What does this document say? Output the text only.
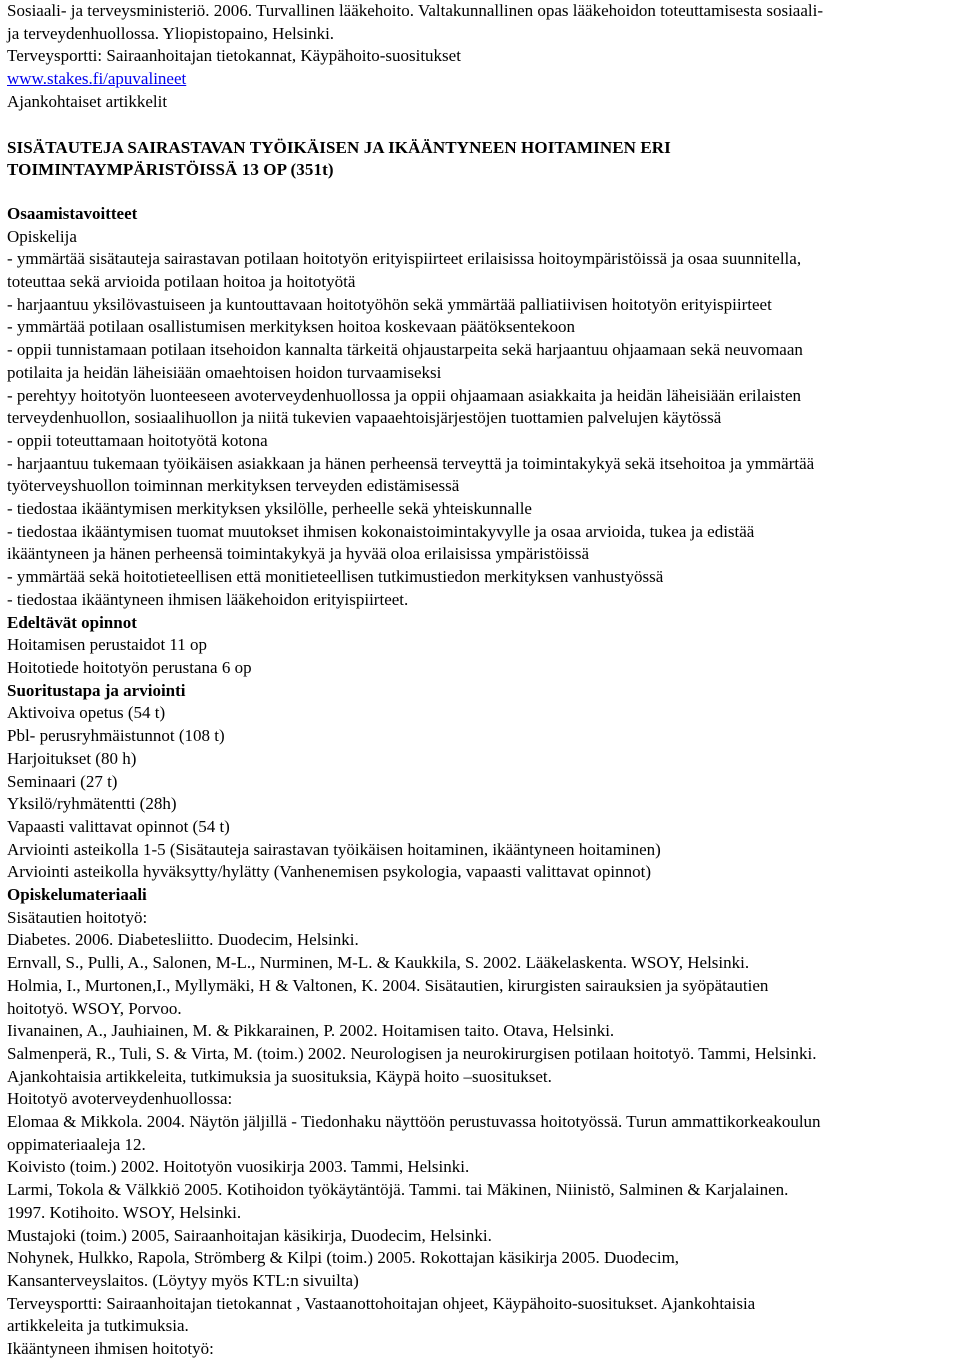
Sosiaali- ja terveysministeriö. 2006. Turvallinen lääkehoito. Valtakunnallinen opas lääkehoidon toteuttamisesta sosiaali-
ja terveydenhuollossa. Yliopistopaino, Helsinki.
Terveysportti: Sairaanhoitajan tietokannat, Käypähoito-suositukset
www.stakes.fi/apuvalineet
Ajankohtaiset artikkelit
SISÄTAUTEJA SAIRASTAVAN TYÖIKÄISEN JA IKÄÄNTYNEEN HOITAMINEN ERI
TOIMINTAYMPÄRISTÖISSÄ 13 OP (351t)
Osaamistavoitteet
Opiskelija
- ymmärtää sisätauteja sairastavan potilaan hoitotyön erityispiirteet erilaisissa hoitoympäristöissä ja osaa suunnitella,
toteuttaa sekä arvioida potilaan hoitoa ja hoitotyötä
- harjaantuu yksilövastuiseen ja kuntouttavaan hoitotyöhön sekä ymmärtää palliatiivisen hoitotyön erityispiirteet
- ymmärtää potilaan osallistumisen merkityksen hoitoa koskevaan päätöksentekoon
- oppii tunnistamaan potilaan itsehoidon kannalta tärkeitä ohjaustarpeita sekä harjaantuu ohjaamaan sekä neuvomaan
potilaita ja heidän läheisiään omaehtoisen hoidon turvaamiseksi
- perehtyy hoitotyön luonteeseen avoterveydenhuollossa ja oppii ohjaamaan asiakkaita ja heidän läheisiään erilaisten
terveydenhuollon, sosiaalihuollon ja niitä tukevien vapaaehtoisjärjestöjen tuottamien palvelujen käytössä
- oppii toteuttamaan hoitotyötä kotona
- harjaantuu tukemaan työikäisen asiakkaan ja hänen perheensä terveyttä ja toimintakykyä sekä itsehoitoa ja ymmärtää
työterveyshuollon toiminnan merkityksen terveyden edistämisessä
- tiedostaa ikääntymisen merkityksen yksilölle, perheelle sekä yhteiskunnalle
- tiedostaa ikääntymisen tuomat muutokset ihmisen kokonaistoimintakyvylle ja osaa arvioida, tukea ja edistää
ikääntyneen ja hänen perheensä toimintakykyä ja hyvää oloa erilaisissa ympäristöissä
- ymmärtää sekä hoitotieteellisen että monitieteellisen tutkimustiedon merkityksen vanhustyössä
- tiedostaa ikääntyneen ihmisen lääkehoidon erityispiirteet.
Edeltävät opinnot
Hoitamisen perustaidot 11 op
Hoitotiede hoitotyön perustana 6 op
Suoritustapa ja arviointi
Aktivoiva opetus (54 t)
Pbl- perusryhmäistunnot (108 t)
Harjoitukset (80 h)
Seminaari (27 t)
Yksilö/ryhmätentti (28h)
Vapaasti valittavat opinnot (54 t)
Arviointi asteikolla 1-5 (Sisätauteja sairastavan työikäisen hoitaminen, ikääntyneen hoitaminen)
Arviointi asteikolla hyväksytty/hylätty (Vanhenemisen psykologia, vapaasti valittavat opinnot)
Opiskelumateriaali
Sisätautien hoitotyö:
Diabetes. 2006. Diabetesliitto. Duodecim, Helsinki.
Ernvall, S., Pulli, A., Salonen, M-L., Nurminen, M-L. & Kaukkila, S. 2002. Lääkelaskenta. WSOY, Helsinki.
Holmia, I., Murtonen,I., Myllymäki, H & Valtonen, K. 2004. Sisätautien, kirurgisten sairauksien ja syöpätautien
hoitotyö. WSOY, Porvoo.
Iivanainen, A., Jauhiainen, M. & Pikkarainen, P. 2002. Hoitamisen taito. Otava, Helsinki.
Salmenperä, R., Tuli, S. & Virta, M. (toim.) 2002. Neurologisen ja neurokirurgisen potilaan hoitotyö. Tammi, Helsinki.
Ajankohtaisia artikkeleita, tutkimuksia ja suosituksia, Käypä hoito –suositukset.
Hoitotyö avoterveydenhuollossa:
Elomaa & Mikkola. 2004. Näytön jäljillä - Tiedonhaku näyttöön perustuvassa hoitotyössä. Turun ammattikorkeakoulun
oppimateriaaleja 12.
Koivisto (toim.) 2002. Hoitotyön vuosikirja 2003. Tammi, Helsinki.
Larmi, Tokola & Välkkiö 2005. Kotihoidon työkäytäntöjä. Tammi. tai Mäkinen, Niinistö, Salminen & Karjalainen.
1997. Kotihoito. WSOY, Helsinki.
Mustajoki (toim.) 2005, Sairaanhoitajan käsikirja, Duodecim, Helsinki.
Nohynek, Hulkko, Rapola, Strömberg & Kilpi (toim.) 2005. Rokottajan käsikirja 2005. Duodecim,
Kansanterveyslaitos. (Löytyy myös KTL:n sivuilta)
Terveysportti: Sairaanhoitajan tietokannat , Vastaanottohoitajan ohjeet, Käypähoito-suositukset. Ajankohtaisia
artikkeleita ja tutkimuksia.
Ikääntyneen ihmisen hoitotyö:
